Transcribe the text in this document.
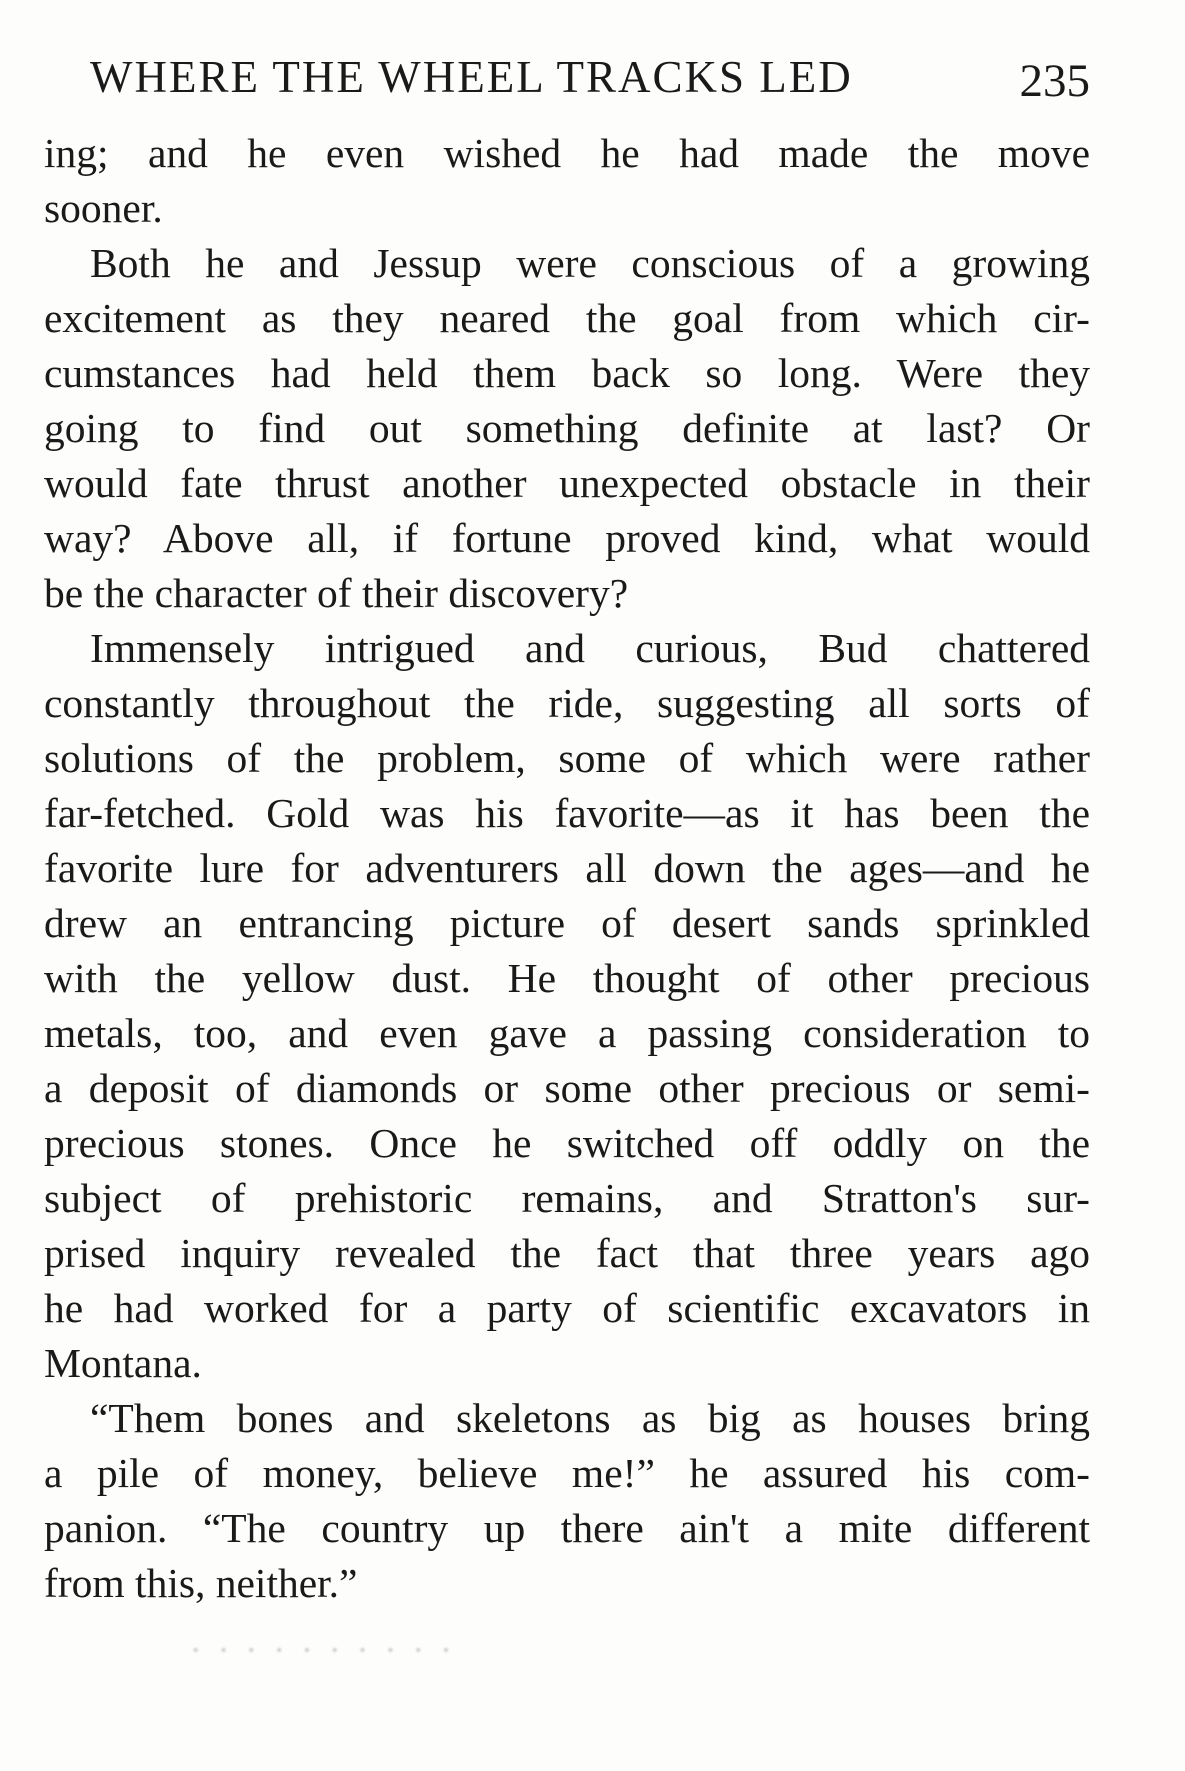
WHERE THE WHEEL TRACKS LED	235
ing; and he even wished he had made the move
sooner.
Both he and Jessup were conscious of a growing
excitement as they neared the goal from which cir-
cumstances had held them back so long. Were they
going to find out something definite at last? Or
would fate thrust another unexpected obstacle in their
way? Above all, if fortune proved kind, what would
be the character of their discovery?
Immensely intrigued and curious, Bud chattered
constantly throughout the ride, suggesting all sorts of
solutions of the problem, some of which were rather
far-fetched. Gold was his favorite—as it has been the
favorite lure for adventurers all down the ages—and he
drew an entrancing picture of desert sands sprinkled
with the yellow dust. He thought of other precious
metals, too, and even gave a passing consideration to
a deposit of diamonds or some other precious or semi-
precious stones. Once he switched off oddly on the
subject of prehistoric remains, and Stratton's sur-
prised inquiry revealed the fact that three years ago
he had worked for a party of scientific excavators in
Montana.
“Them bones and skeletons as big as houses bring
a pile of money, believe me!” he assured his com-
panion. “The country up there ain't a mite different
from this, neither.”
· · · · · · · · · ·
